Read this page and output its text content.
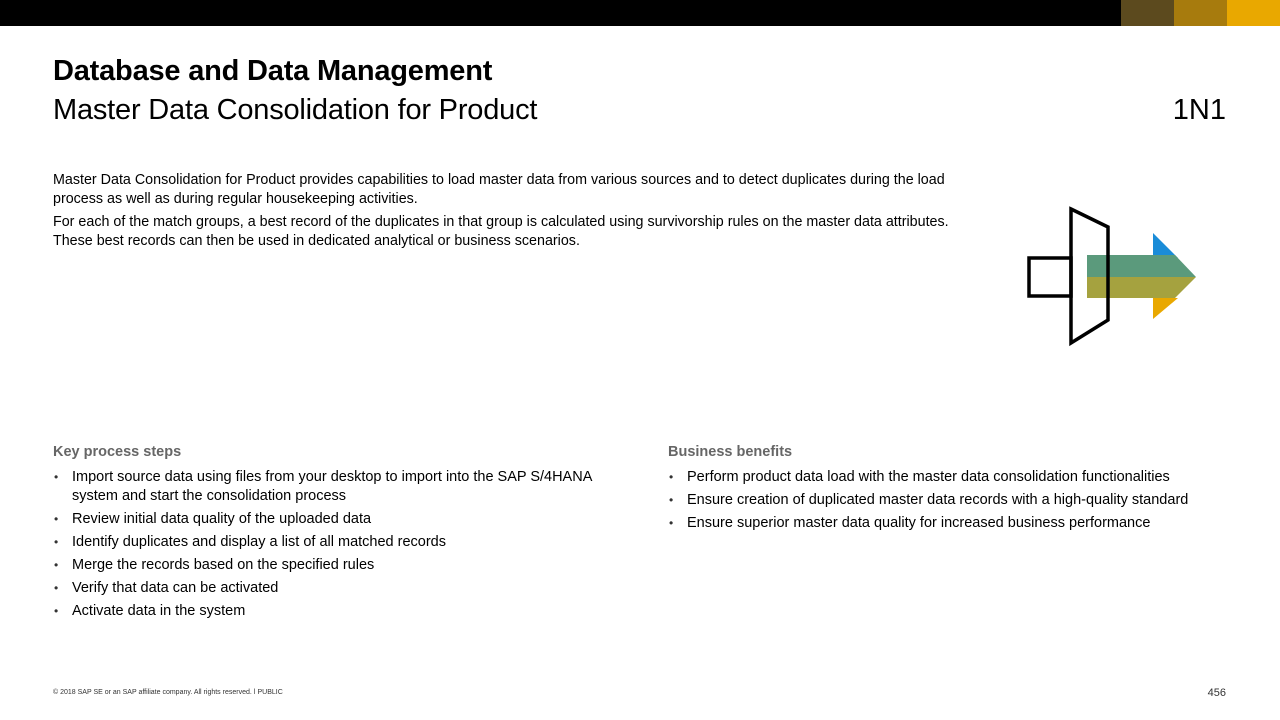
Database and Data Management
Master Data Consolidation for Product	1N1

Master Data Consolidation for Product provides capabilities to load master data from various sources and to detect duplicates during the load process as well as during regular housekeeping activities.

For each of the match groups, a best record of the duplicates in that group is calculated using survivorship rules on the master data attributes. These best records can then be used in dedicated analytical or business scenarios.

Key process steps
• Import source data using files from your desktop to import into the SAP S/4HANA system and start the consolidation process
• Review initial data quality of the uploaded data
• Identify duplicates and display a list of all matched records
• Merge the records based on the specified rules
• Verify that data can be activated
• Activate data in the system
Business benefits
• Perform product data load with the master data consolidation functionalities
• Ensure creation of duplicated master data records with a high-quality standard
• Ensure superior master data quality for increased business performance
© 2018 SAP SE or an SAP affiliate company. All rights reserved. ǀ PUBLIC	456
